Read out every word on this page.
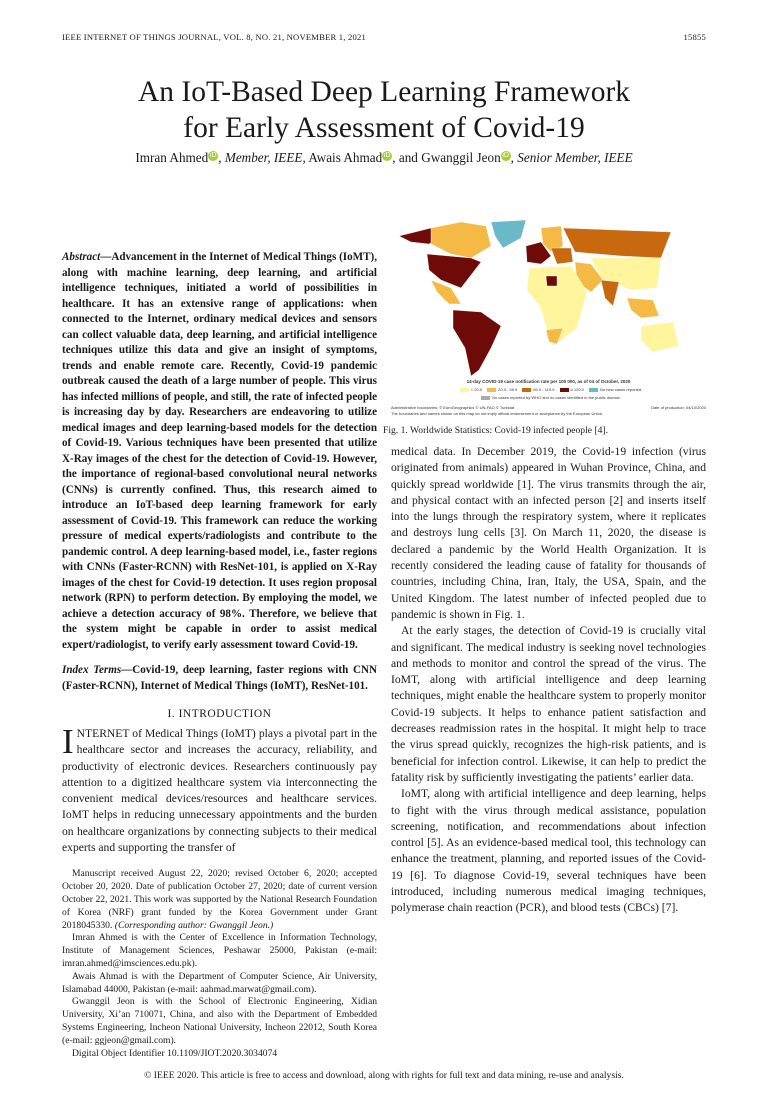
IEEE INTERNET OF THINGS JOURNAL, VOL. 8, NO. 21, NOVEMBER 1, 2021	15855
An IoT-Based Deep Learning Framework
for Early Assessment of Covid-19
Imran Ahmed iD , Member, IEEE, Awais Ahmad iD , and Gwanggil Jeon iD , Senior Member, IEEE
Abstract—Advancement in the Internet of Medical Things (IoMT), along with machine learning, deep learning, and artificial intelligence techniques, initiated a world of possibilities in healthcare. It has an extensive range of applications: when connected to the Internet, ordinary medical devices and sensors can collect valuable data, deep learning, and artificial intelligence techniques utilize this data and give an insight of symptoms, trends and enable remote care. Recently, Covid-19 pandemic outbreak caused the death of a large number of people. This virus has infected millions of people, and still, the rate of infected people is increasing day by day. Researchers are endeavoring to utilize medical images and deep learning-based models for the detection of Covid-19. Various techniques have been presented that utilize X-Ray images of the chest for the detection of Covid-19. However, the importance of regional-based convolutional neural networks (CNNs) is currently confined. Thus, this research aimed to introduce an IoT-based deep learning framework for early assessment of Covid-19. This framework can reduce the working pressure of medical experts/radiologists and contribute to the pandemic control. A deep learning-based model, i.e., faster regions with CNNs (Faster-RCNN) with ResNet-101, is applied on X-Ray images of the chest for Covid-19 detection. It uses region proposal network (RPN) to perform detection. By employing the model, we achieve a detection accuracy of 98%. Therefore, we believe that the system might be capable in order to assist medical expert/radiologist, to verify early assessment toward Covid-19.
Index Terms—Covid-19, deep learning, faster regions with CNN (Faster-RCNN), Internet of Medical Things (IoMT), ResNet-101.
I. INTRODUCTION
INTERNET of Medical Things (IoMT) plays a pivotal part in the healthcare sector and increases the accuracy, reliability, and productivity of electronic devices. Researchers continuously pay attention to a digitized healthcare system via interconnecting the convenient medical devices/resources and healthcare services. IoMT helps in reducing unnecessary appointments and the burden on healthcare organizations by connecting subjects to their medical experts and supporting the transfer of

Manuscript received August 22, 2020; revised October 6, 2020; accepted October 20, 2020. Date of publication October 27, 2020; date of current version October 22, 2021. This work was supported by the National Research Foundation of Korea (NRF) grant funded by the Korea Government under Grant 2018045330. (Corresponding author: Gwanggil Jeon.)

Imran Ahmed is with the Center of Excellence in Information Technology, Institute of Management Sciences, Peshawar 25000, Pakistan (e-mail: imran.ahmed@imsciences.edu.pk).

Awais Ahmad is with the Department of Computer Science, Air University, Islamabad 44000, Pakistan (e-mail: aahmad.marwat@gmail.com).

Gwanggil Jeon is with the School of Electronic Engineering, Xidian University, Xi’an 710071, China, and also with the Department of Embedded Systems Engineering, Incheon National University, Incheon 22012, South Korea (e-mail: ggjeon@gmail.com).

Digital Object Identifier 10.1109/JIOT.2020.3034074

14-day COVID-19 case notification rate per 100 000, as of 04 of October, 2020
< 20.0	20.0 - 59.9	60.0 - 119.9	≥ 120.0	No new cases reported
No cases reported by WHO and no cases identified in the public domain
Administrative boundaries: © EuroGeographics © UN-FAO © Turkstat	Date of production: 04/10/2020
The boundaries and names shown on this map do not imply official endorsement or acceptance by the European Union.
Fig. 1. Worldwide Statistics: Covid-19 infected people [4].

medical data. In December 2019, the Covid-19 infection (virus originated from animals) appeared in Wuhan Province, China, and quickly spread worldwide [1]. The virus transmits through the air, and physical contact with an infected person [2] and inserts itself into the lungs through the respiratory system, where it replicates and destroys lung cells [3]. On March 11, 2020, the disease is declared a pandemic by the World Health Organization. It is recently considered the leading cause of fatality for thousands of countries, including China, Iran, Italy, the USA, Spain, and the United Kingdom. The latest number of infected peopled due to pandemic is shown in Fig. 1.

At the early stages, the detection of Covid-19 is crucially vital and significant. The medical industry is seeking novel technologies and methods to monitor and control the spread of the virus. The IoMT, along with artificial intelligence and deep learning techniques, might enable the healthcare system to properly monitor Covid-19 subjects. It helps to enhance patient satisfaction and decreases readmission rates in the hospital. It might help to trace the virus spread quickly, recognizes the high-risk patients, and is beneficial for infection control. Likewise, it can help to predict the fatality risk by sufficiently investigating the patients’ earlier data.

IoMT, along with artificial intelligence and deep learning, helps to fight with the virus through medical assistance, population screening, notification, and recommendations about infection control [5]. As an evidence-based medical tool, this technology can enhance the treatment, planning, and reported issues of the Covid-19 [6]. To diagnose Covid-19, several techniques have been introduced, including numerous medical imaging techniques, polymerase chain reaction (PCR), and blood tests (CBCs) [7].

© IEEE 2020. This article is free to access and download, along with rights for full text and data mining, re-use and analysis.
